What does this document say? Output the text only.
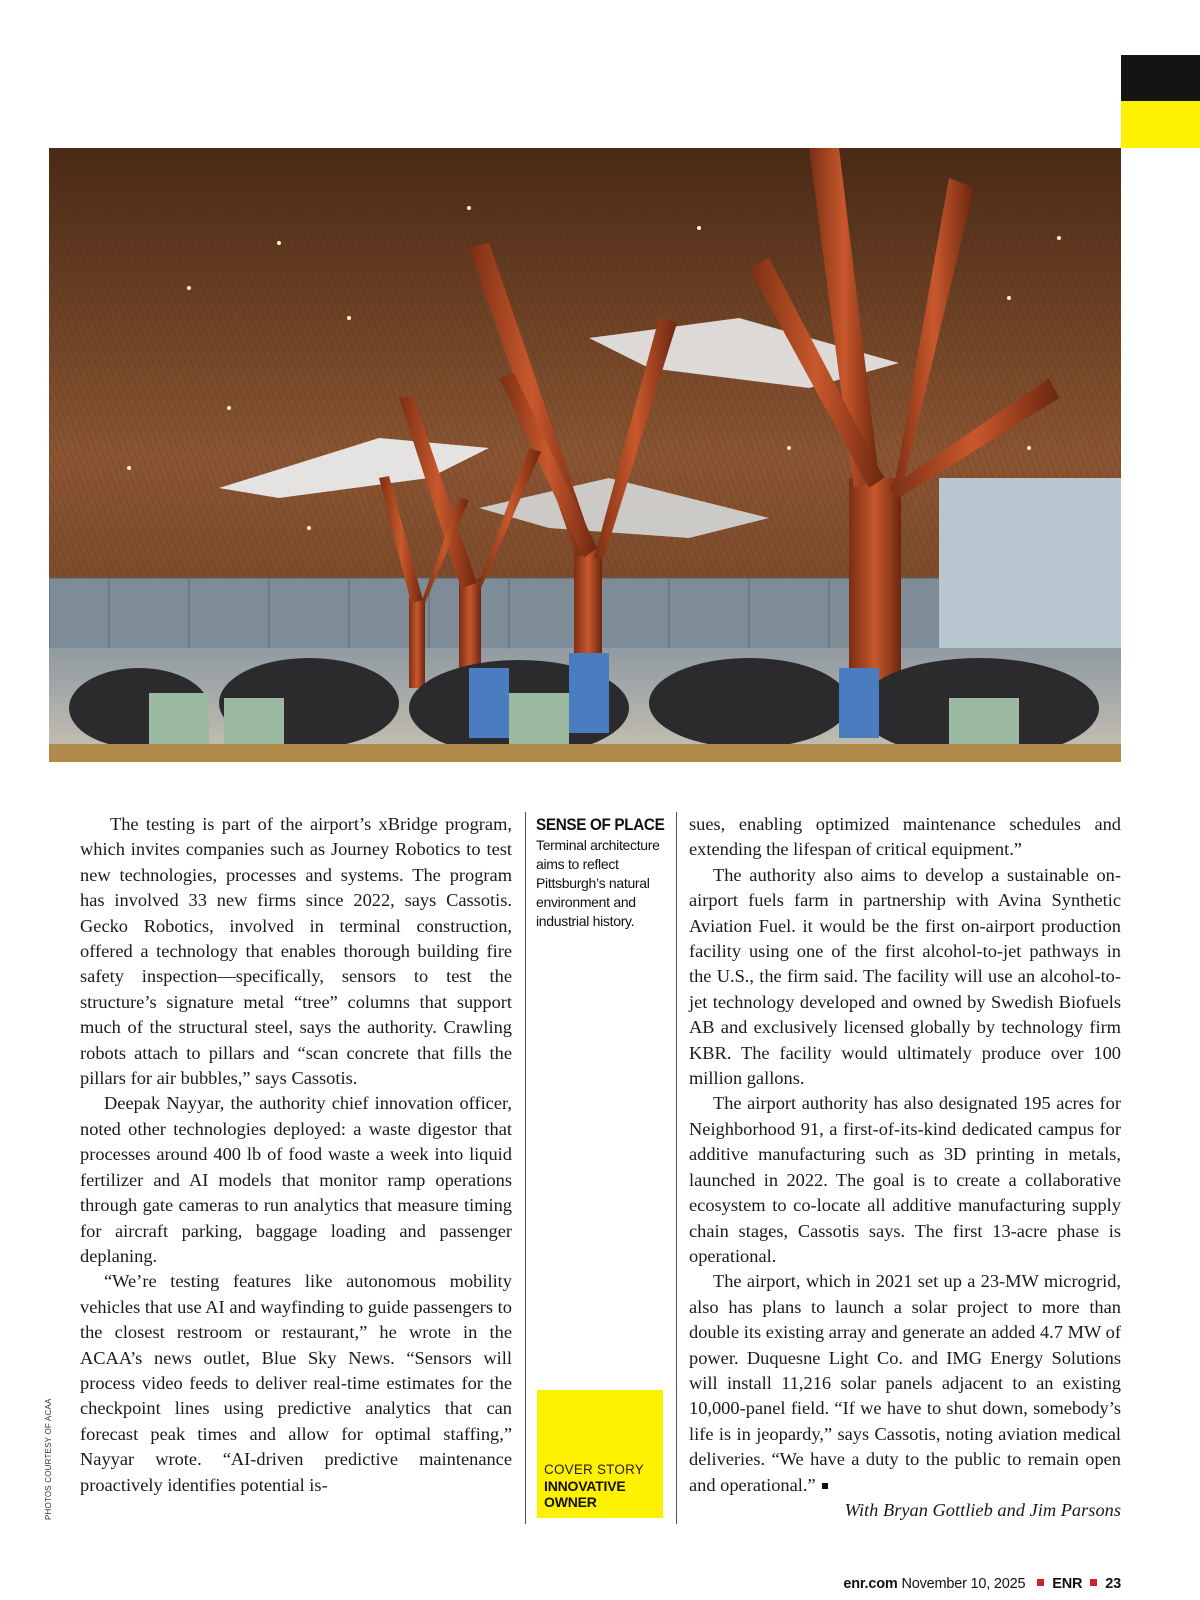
PHOTOS COURTESY OF ACAA

The testing is part of the airport’s xBridge program, which invites companies such as Journey Robotics to test new technologies, processes and systems. The program has involved 33 new firms since 2022, says Cassotis. Gecko Robotics, involved in terminal construction, offered a technology that enables thorough building fire safety inspection—specifically, sensors to test the structure’s signature metal “tree” columns that support much of the structural steel, says the authority. Crawling robots attach to pillars and “scan concrete that fills the pillars for air bubbles,” says Cassotis.

Deepak Nayyar, the authority chief innovation officer, noted other technologies deployed: a waste digestor that processes around 400 lb of food waste a week into liquid fertilizer and AI models that monitor ramp operations through gate cameras to run analytics that measure timing for aircraft parking, baggage loading and passenger deplaning.

“We’re testing features like autonomous mobility vehicles that use AI and wayfinding to guide passengers to the closest restroom or restaurant,” he wrote in the ACAA’s news outlet, Blue Sky News. “Sensors will process video feeds to deliver real-time estimates for the checkpoint lines using predictive analytics that can forecast peak times and allow for optimal staffing,” Nayyar wrote. “AI-driven predictive maintenance proactively identifies potential is-

SENSE OF PLACE
Terminal architecture aims to reflect Pittsburgh’s natural environment and industrial history.
COVER STORY
INNOVATIVE
OWNER

sues, enabling optimized maintenance schedules and extending the lifespan of critical equipment.”

The authority also aims to develop a sustainable on-airport fuels farm in partnership with Avina Synthetic Aviation Fuel. it would be the first on-airport production facility using one of the first alcohol-to-jet pathways in the U.S., the firm said. The facility will use an alcohol-to-jet technology developed and owned by Swedish Biofuels AB and exclusively licensed globally by technology firm KBR. The facility would ultimately produce over 100 million gallons.

The airport authority has also designated 195 acres for Neighborhood 91, a first-of-its-kind dedicated campus for additive manufacturing such as 3D printing in metals, launched in 2022. The goal is to create a collaborative ecosystem to co-locate all additive manufacturing supply chain stages, Cassotis says. The first 13-acre phase is operational.

The airport, which in 2021 set up a 23-MW microgrid, also has plans to launch a solar project to more than double its existing array and generate an added 4.7 MW of power. Duquesne Light Co. and IMG Energy Solutions will install 11,216 solar panels adjacent to an existing 10,000-panel field. “If we have to shut down, somebody’s life is in jeopardy,” says Cassotis, noting aviation medical deliveries. “We have a duty to the public to remain open and operational.”

With Bryan Gottlieb and Jim Parsons

enr.com November 10, 2025 ENR 23
